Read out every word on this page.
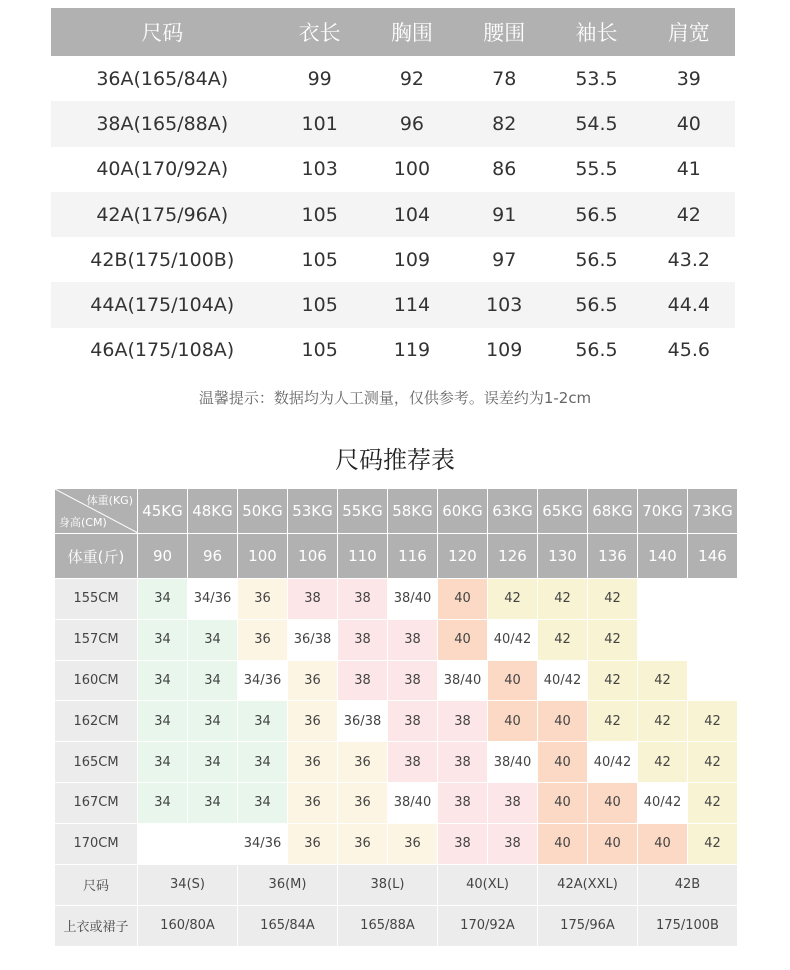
尺码	衣长	胸围	腰围	袖长	肩宽
36A(165/84A)	99	92	78	53.5	39
38A(165/88A)	101	96	82	54.5	40
40A(170/92A)	103	100	86	55.5	41
42A(175/96A)	105	104	91	56.5	42
42B(175/100B)	105	109	97	56.5	43.2
44A(175/104A)	105	114	103	56.5	44.4
46A(175/108A)	105	119	109	56.5	45.6
温馨提示：数据均为人工测量，仅供参考。误差约为1-2cm
尺码推荐表
体重(KG)
身高(CM)	45KG	48KG	50KG	53KG	55KG	58KG	60KG	63KG	65KG	68KG	70KG	73KG
体重(斤)	90	96	100	106	110	116	120	126	130	136	140	146
155CM	34	34/36	36	38	38	38/40	40	42	42	42		
157CM	34	34	36	36/38	38	38	40	40/42	42	42		
160CM	34	34	34/36	36	38	38	38/40	40	40/42	42	42	
162CM	34	34	34	36	36/38	38	38	40	40	42	42	42
165CM	34	34	34	36	36	38	38	38/40	40	40/42	42	42
167CM	34	34	34	36	36	38/40	38	38	40	40	40/42	42
170CM			34/36	36	36	36	38	38	40	40	40	42
尺码	34(S)		36(M)		38(L)		40(XL)		42A(XXL)		42B	
上衣或裙子	160/80A		165/84A		165/88A		170/92A		175/96A		175/100B	
